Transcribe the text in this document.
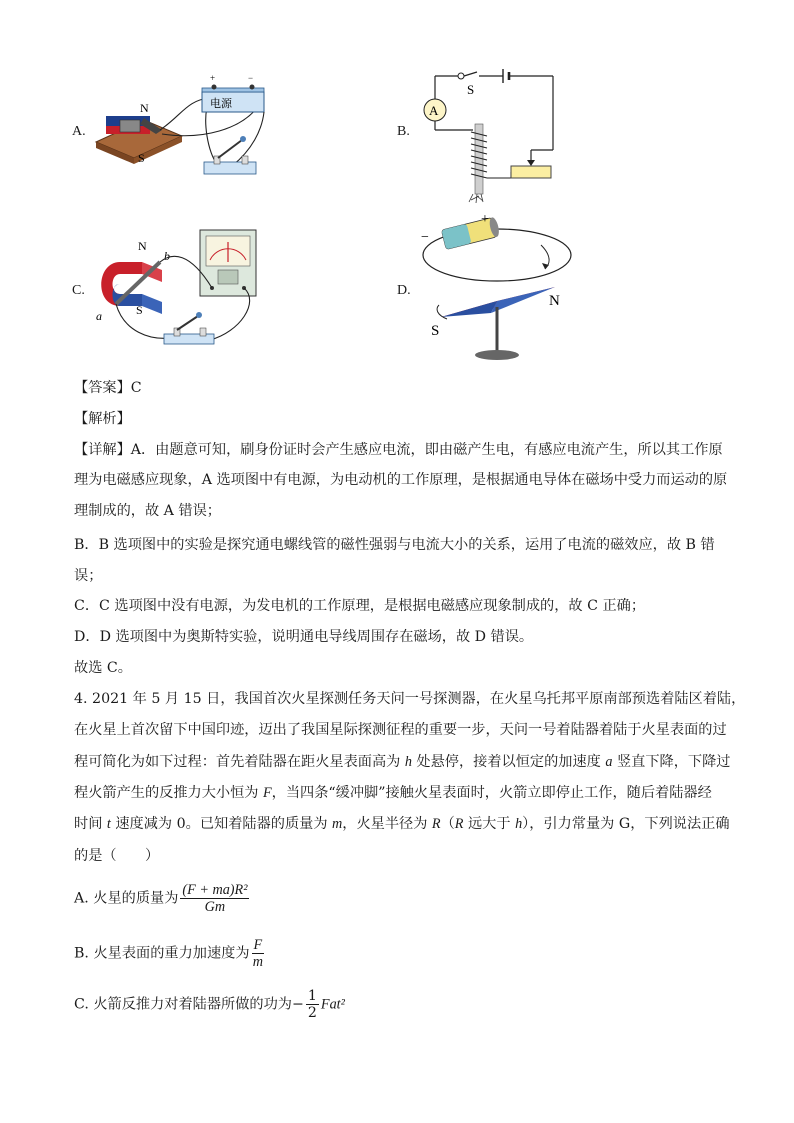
A.
N
S
+	−
电源
B.
S
A
C.
N
S
b
a
D.
−
+
N
S
【答案】C
【解析】
【详解】A．由题意可知，刷身份证时会产生感应电流，即由磁产生电，有感应电流产生，所以其工作原
理为电磁感应现象，A 选项图中有电源，为电动机的工作原理，是根据通电导体在磁场中受力而运动的原
理制成的，故 A 错误；
B．B 选项图中的实验是探究通电螺线管的磁性强弱与电流大小的关系，运用了电流的磁效应，故 B 错
误；
C．C 选项图中没有电源，为发电机的工作原理，是根据电磁感应现象制成的，故 C 正确；
D．D 选项图中为奥斯特实验，说明通电导线周围存在磁场，故 D 错误。
故选 C。
4. 2021 年 5 月 15 日，我国首次火星探测任务天问一号探测器，在火星乌托邦平原南部预选着陆区着陆，
在火星上首次留下中国印迹，迈出了我国星际探测征程的重要一步，天问一号着陆器着陆于火星表面的过
程可简化为如下过程：首先着陆器在距火星表面高为 h 处悬停，接着以恒定的加速度 a 竖直下降，下降过
程火箭产生的反推力大小恒为 F，当四条“缓冲脚”接触火星表面时，火箭立即停止工作，随后着陆器经
时间 t 速度减为 0。已知着陆器的质量为 m，火星半径为 R（R 远大于 h），引力常量为 G，下列说法正确
的是（　　）
A. 火星的质量为 $\frac{\text{(F + ma)R²}}{Gm}$
B. 火星表面的重力加速度为 $\frac{F}{m}$
C. 火箭反推力对着陆器所做的功为− $\frac{1}{2} Fat^2$
